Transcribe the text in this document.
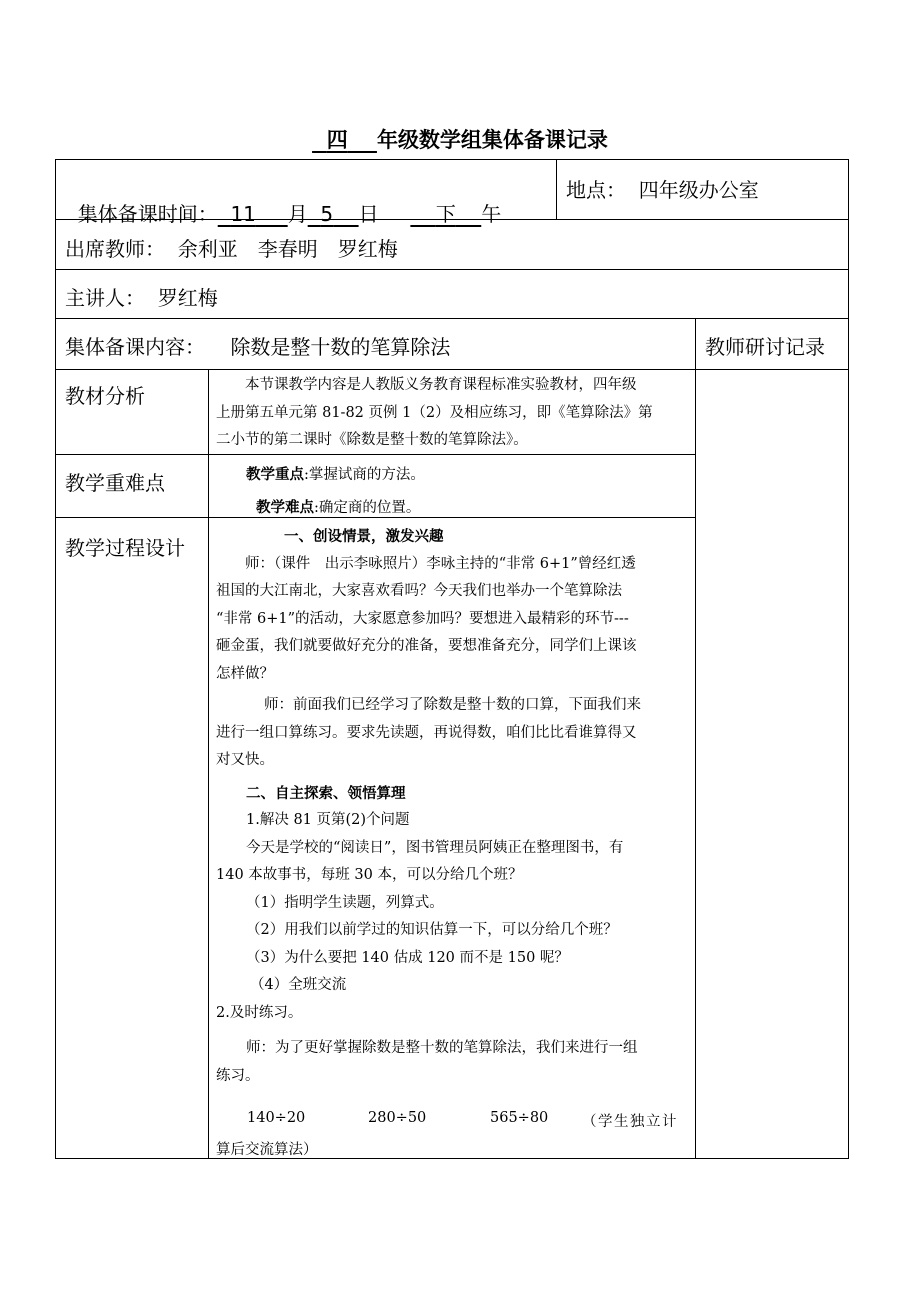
四 年级数学组集体备课记录

集体备课时间： 11 月 5 日	下 午

地点： 四年级办公室
出席教师： 余利亚　李春明　罗红梅
主讲人： 罗红梅
集体备课内容： 除数是整十数的笔算除法	教师研讨记录
教材分析	本节课教学内容是人教版义务教育课程标准实验教材，四年级
上册第五单元第 81-82 页例 1（2）及相应练习，即《笔算除法》第
二小节的第二课时《除数是整十数的笔算除法》。
教学重难点	教学重点:掌握试商的方法。
教学难点:确定商的位置。
教学过程设计	一、创设情景，激发兴趣
师：（课件　出示李咏照片）李咏主持的“非常 6+1”曾经红透
祖国的大江南北，大家喜欢看吗？今天我们也举办一个笔算除法
“非常 6+1”的活动，大家愿意参加吗？要想进入最精彩的环节---
砸金蛋，我们就要做好充分的准备，要想准备充分，同学们上课该
怎样做？
师：前面我们已经学习了除数是整十数的口算，下面我们来
进行一组口算练习。要求先读题，再说得数，咱们比比看谁算得又
对又快。
二、自主探索、领悟算理
1.解决 81 页第(2)个问题
今天是学校的“阅读日”，图书管理员阿姨正在整理图书，有
140 本故事书，每班 30 本，可以分给几个班？
（1）指明学生读题，列算式。
（2）用我们以前学过的知识估算一下，可以分给几个班？
（3）为什么要把 140 估成 120 而不是 150 呢？
（4）全班交流
2.及时练习。
师：为了更好掌握除数是整十数的笔算除法，我们来进行一组
练习。
140÷20	280÷50	565÷80 （学生独立计
算后交流算法）
